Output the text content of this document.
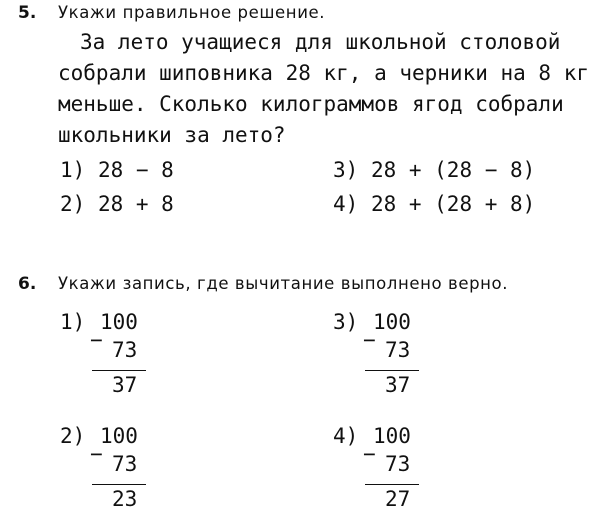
5. Укажи правильное решение.
За лето учащиеся для школьной столовой
собрали шиповника 28 кг, а черники на 8 кг
меньше. Сколько килограммов ягод собрали
школьники за лето?
1) 28 − 8
2) 28 + 8
3) 28 + (28 − 8)
4) 28 + (28 + 8)
6. Укажи запись, где вычитание выполнено верно.
1) 100
− 73
37
2) 100
− 73
23
3) 100
− 73
37
4) 100
− 73
27
